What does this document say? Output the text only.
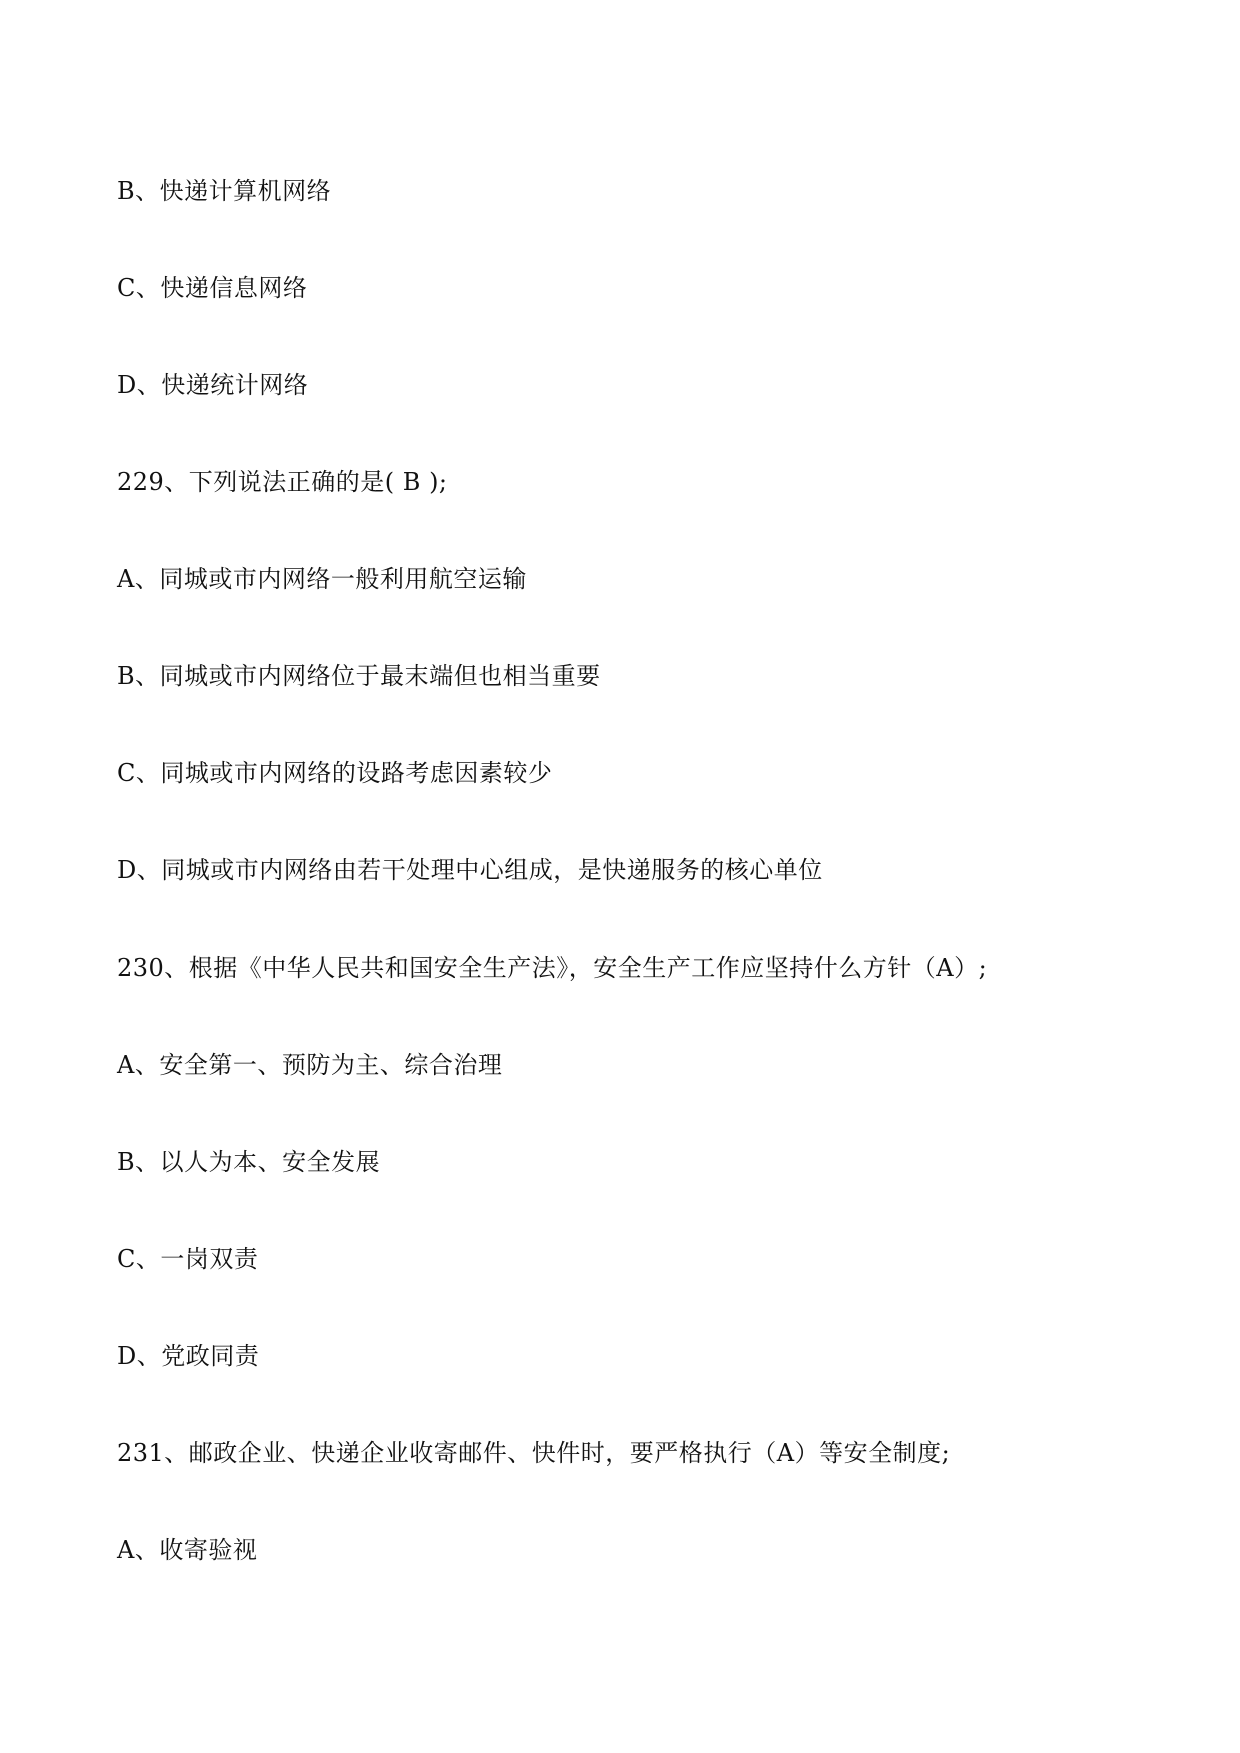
B、快递计算机网络
C、快递信息网络
D、快递统计网络
229、下列说法正确的是( B );
A、同城或市内网络一般利用航空运输
B、同城或市内网络位于最末端但也相当重要
C、同城或市内网络的设路考虑因素较少
D、同城或市内网络由若干处理中心组成，是快递服务的核心单位
230、根据《中华人民共和国安全生产法》，安全生产工作应坚持什么方针（A）;
A、安全第一、预防为主、综合治理
B、以人为本、安全发展
C、一岗双责
D、党政同责
231、邮政企业、快递企业收寄邮件、快件时，要严格执行（A）等安全制度;
A、收寄验视
